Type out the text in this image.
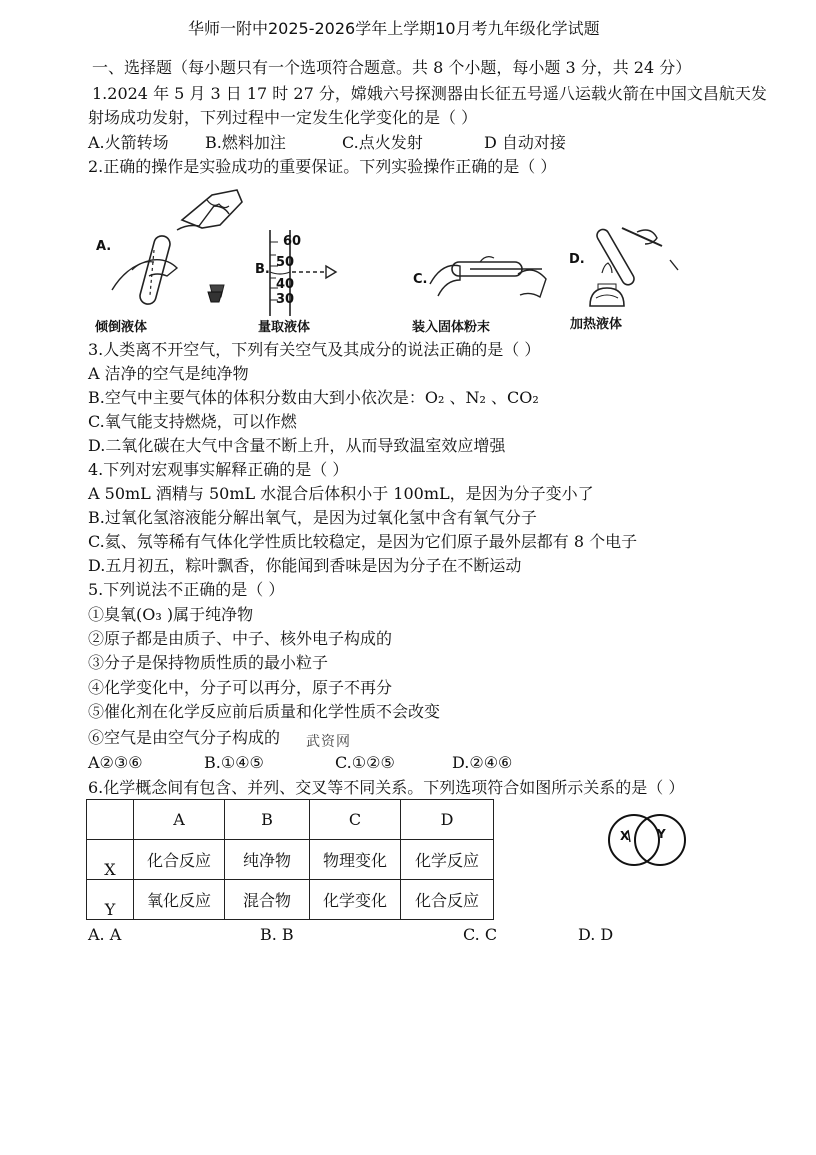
华师一附中2025-2026学年上学期10月考九年级化学试题
一、选择题（每小题只有一个选项符合题意。共 8 个小题，每小题 3 分，共 24 分）
1.2024 年 5 月 3 日 17 时 27 分，嫦娥六号探测器由长征五号遥八运载火箭在中国文昌航天发
射场成功发射，下列过程中一定发生化学变化的是（ ）
A.火箭转场 B.燃料加注	C.点火发射	D 自动对接
2.正确的操作是实验成功的重要保证。下列实验操作正确的是（ ）
A.
倾倒液体
60
50
40
30
B.
量取液体
C.
装入固体粉末
D.
加热液体
3.人类离不开空气，下列有关空气及其成分的说法正确的是（ ）
A 洁净的空气是纯净物
B.空气中主要气体的体积分数由大到小依次是：O₂ 、N₂ 、CO₂
C.氧气能支持燃烧，可以作燃
D.二氧化碳在大气中含量不断上升，从而导致温室效应增强
4.下列对宏观事实解释正确的是（ ）
A 50mL 酒精与 50mL 水混合后体积小于 100mL，是因为分子变小了
B.过氧化氢溶液能分解出氧气，是因为过氧化氢中含有氧气分子
C.氦、氖等稀有气体化学性质比较稳定，是因为它们原子最外层都有 8 个电子
D.五月初五，粽叶飘香，你能闻到香味是因为分子在不断运动
5.下列说法不正确的是（ ）
①臭氧(O₃ )属于纯净物
②原子都是由质子、中子、核外电子构成的
③分子是保持物质性质的最小粒子
④化学变化中，分子可以再分，原子不再分
⑤催化剂在化学反应前后质量和化学性质不会改变
⑥空气是由空气分子构成的 武资网
A②③⑥	B.①④⑤	C.①②⑤	D.②④⑥
6.化学概念间有包含、并列、交叉等不同关系。下列选项符合如图所示关系的是（ ）
	A	B	C	D
X	化合反应	纯净物	物理变化	化学反应
Y	氧化反应	混合物	化学变化	化合反应
X Y
A. A	B. B	C. C	D. D
